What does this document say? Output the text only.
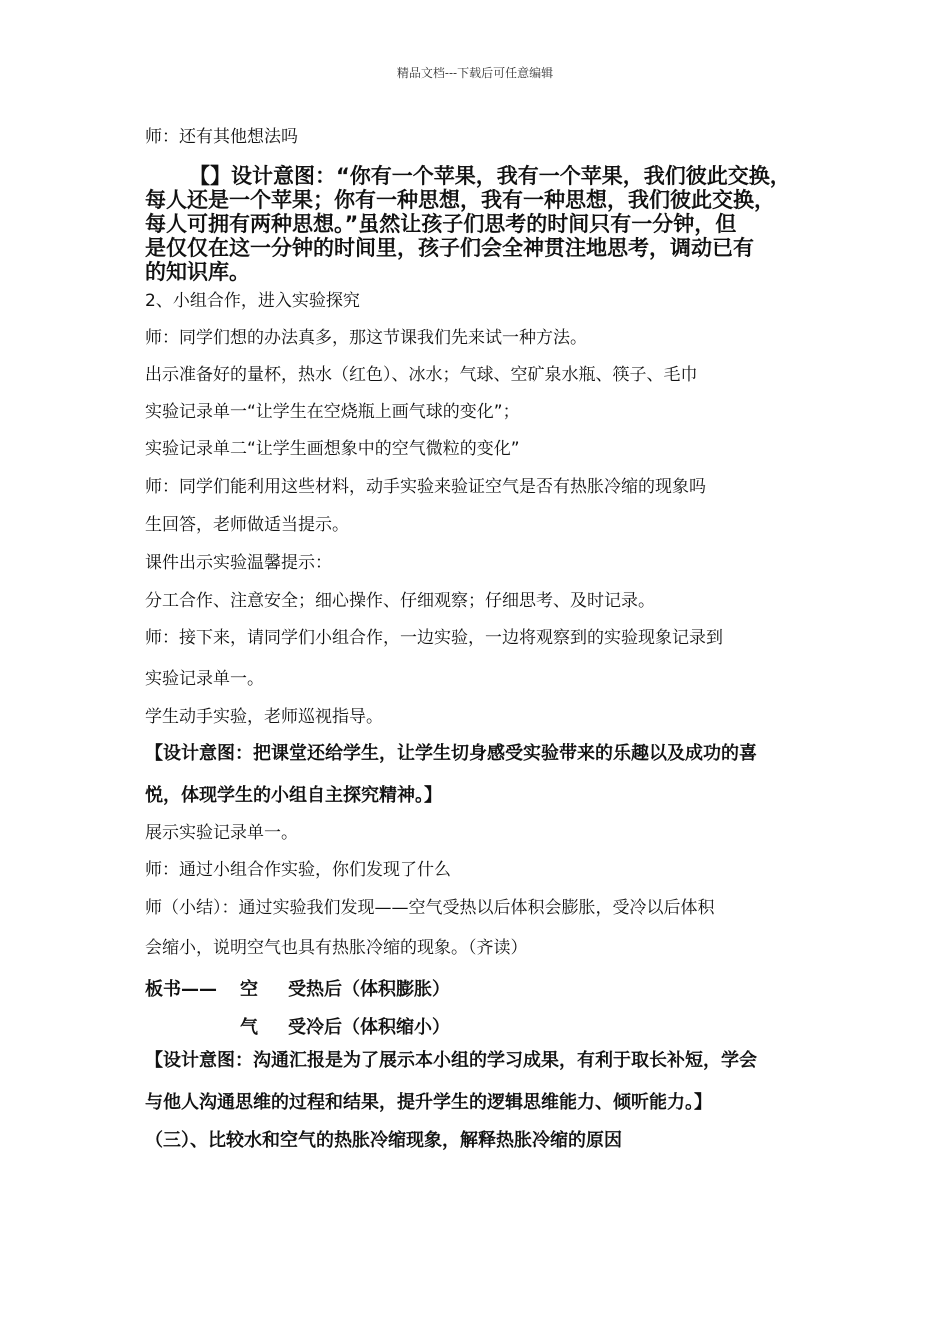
精品文档---下载后可任意编辑
师：还有其他想法吗
【】设计意图：“你有一个苹果，我有一个苹果，我们彼此交换，
每人还是一个苹果；你有一种思想，我有一种思想，我们彼此交换，
每人可拥有两种思想。”虽然让孩子们思考的时间只有一分钟，但
是仅仅在这一分钟的时间里，孩子们会全神贯注地思考，调动已有
的知识库。
2、小组合作，进入实验探究
师：同学们想的办法真多，那这节课我们先来试一种方法。
出示准备好的量杯，热水（红色）、冰水；气球、空矿泉水瓶、筷子、毛巾
实验记录单一“让学生在空烧瓶上画气球的变化”；
实验记录单二“让学生画想象中的空气微粒的变化”
师：同学们能利用这些材料，动手实验来验证空气是否有热胀冷缩的现象吗
生回答，老师做适当提示。
课件出示实验温馨提示：
分工合作、注意安全；细心操作、仔细观察；仔细思考、及时记录。
师：接下来，请同学们小组合作，一边实验，一边将观察到的实验现象记录到
实验记录单一。
学生动手实验，老师巡视指导。
【设计意图：把课堂还给学生，让学生切身感受实验带来的乐趣以及成功的喜
悦，体现学生的小组自主探究精神。】
展示实验记录单一。
师：通过小组合作实验，你们发现了什么
师（小结）：通过实验我们发现——空气受热以后体积会膨胀，受冷以后体积
会缩小，说明空气也具有热胀冷缩的现象。（齐读）
板书—— 空 受热后（体积膨胀）
气 受冷后（体积缩小）
【设计意图：沟通汇报是为了展示本小组的学习成果，有利于取长补短，学会
与他人沟通思维的过程和结果，提升学生的逻辑思维能力、倾听能力。】
（三）、比较水和空气的热胀冷缩现象，解释热胀冷缩的原因
